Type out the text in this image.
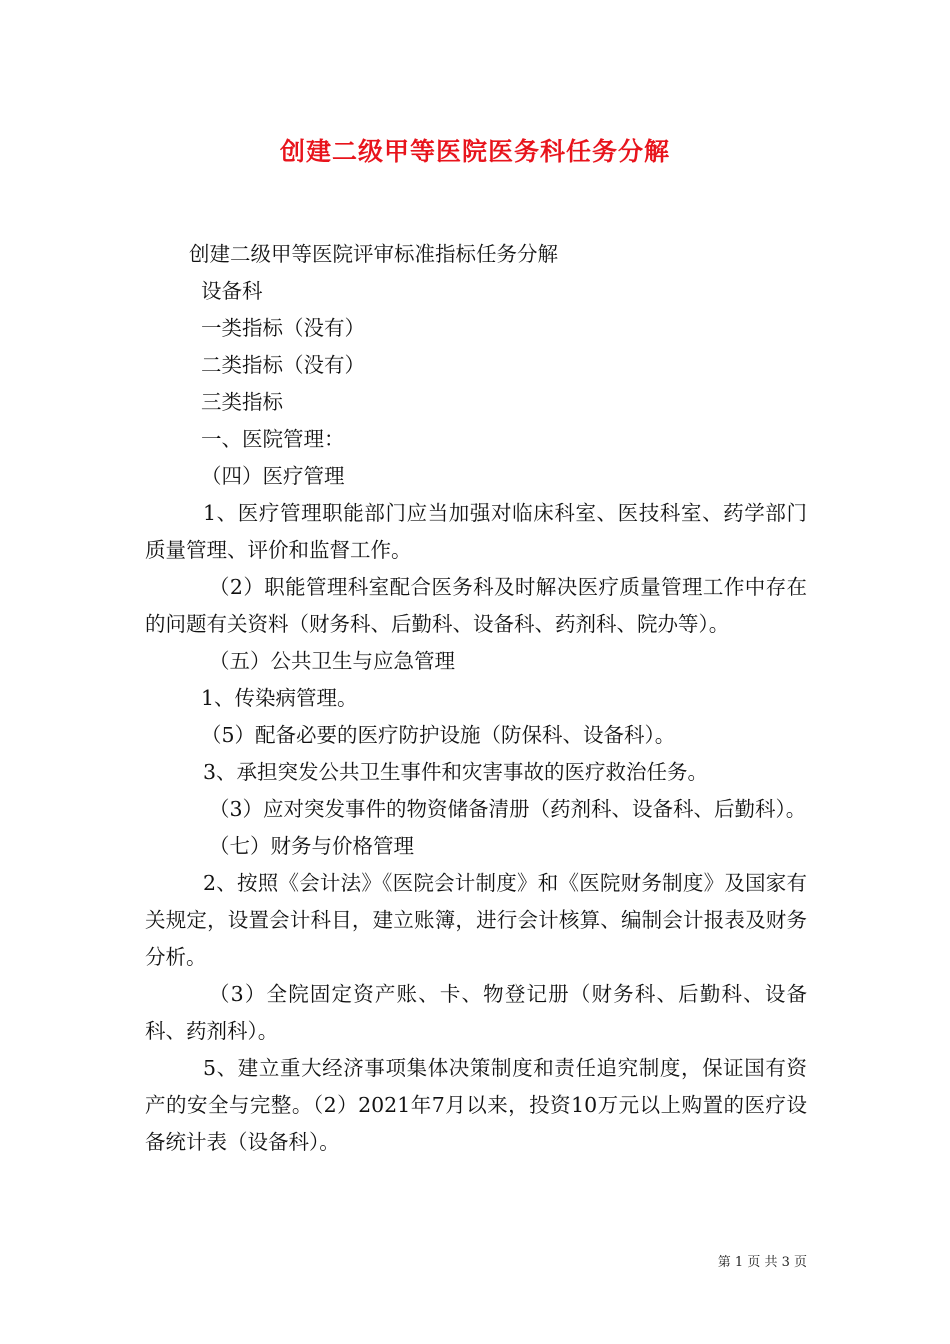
创建二级甲等医院医务科任务分解

创建二级甲等医院评审标准指标任务分解

设备科

一类指标（没有）

二类指标（没有）

三类指标

一、医院管理：

（四）医疗管理

1、医疗管理职能部门应当加强对临床科室、医技科室、药学部门质量管理、评价和监督工作。

（2）职能管理科室配合医务科及时解决医疗质量管理工作中存在的问题有关资料（财务科、后勤科、设备科、药剂科、院办等）。

（五）公共卫生与应急管理

1、传染病管理。

（5）配备必要的医疗防护设施（防保科、设备科）。

3、承担突发公共卫生事件和灾害事故的医疗救治任务。

（3）应对突发事件的物资储备清册（药剂科、设备科、后勤科）。

（七）财务与价格管理

2、按照《会计法》《医院会计制度》和《医院财务制度》及国家有关规定，设置会计科目，建立账簿，进行会计核算、编制会计报表及财务分析。

（3）全院固定资产账、卡、物登记册（财务科、后勤科、设备科、药剂科）。

5、建立重大经济事项集体决策制度和责任追究制度，保证国有资产的安全与完整。（2）2021年7月以来，投资10万元以上购置的医疗设备统计表（设备科）。

第 1 页 共 3 页
